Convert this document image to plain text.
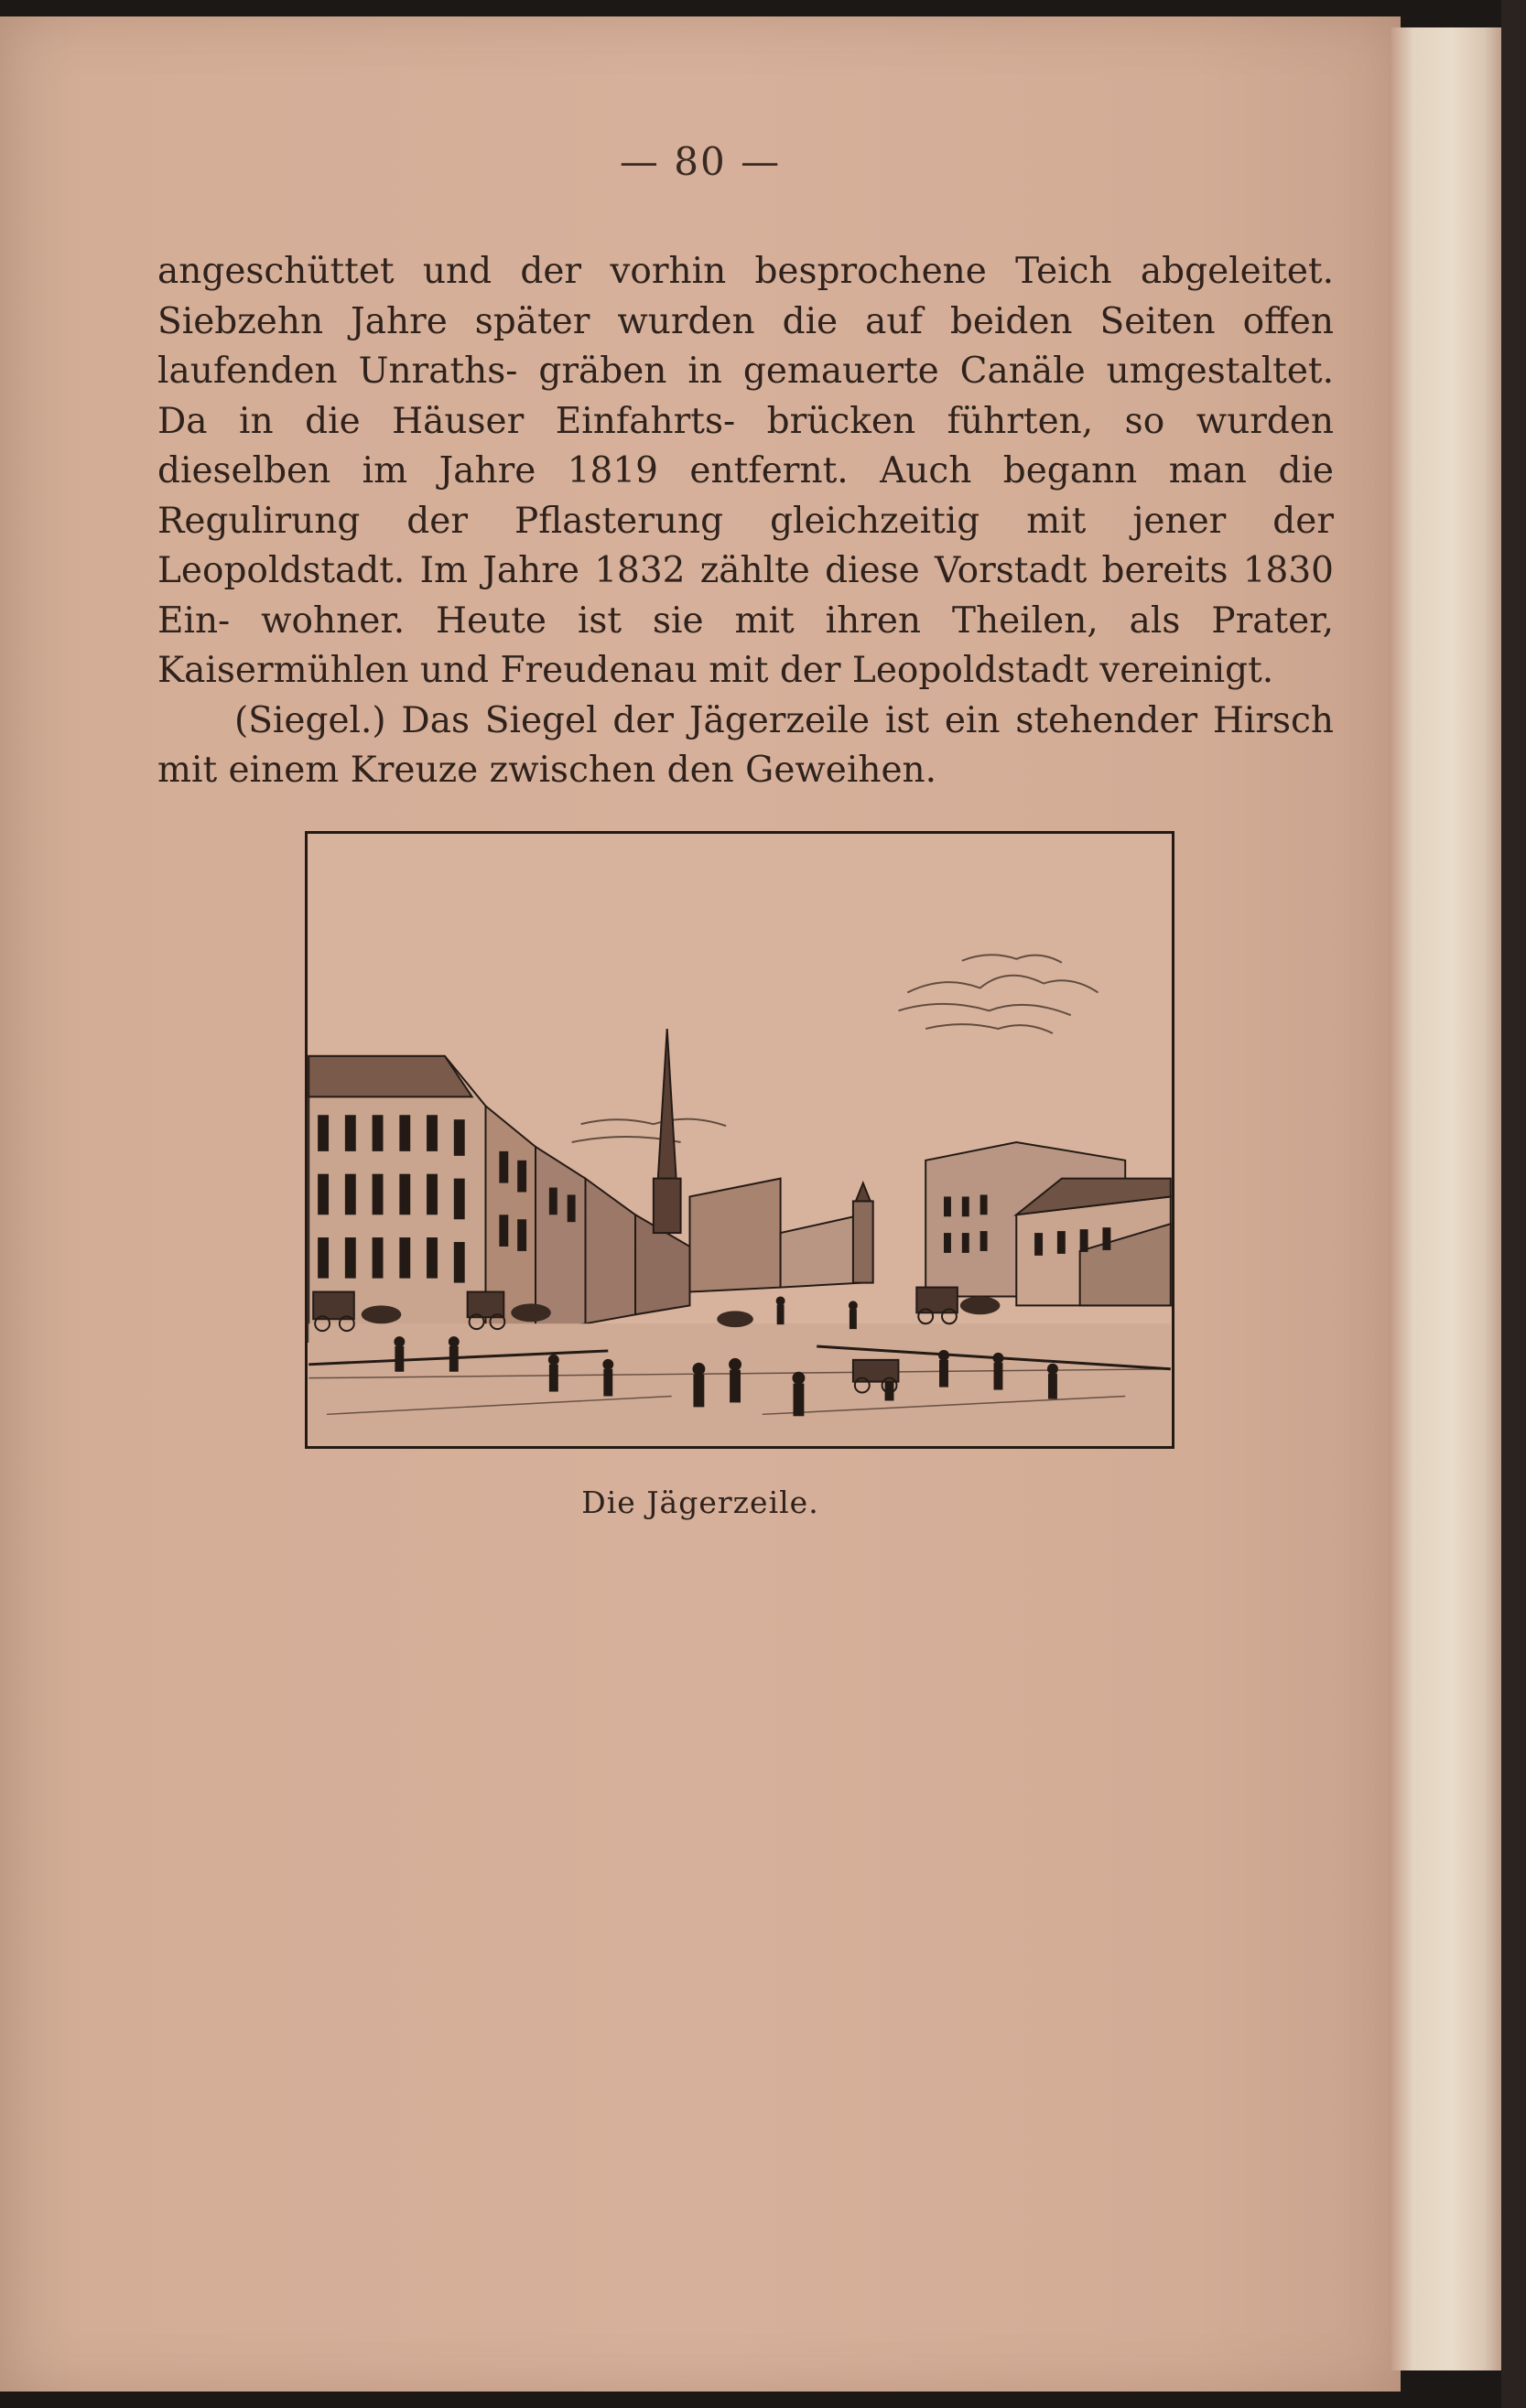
— 80 —

angeschüttet und der vorhin besprochene Teich abgeleitet. Siebzehn Jahre später wurden die auf beiden Seiten offen laufenden Unraths- gräben in gemauerte Canäle umgestaltet. Da in die Häuser Einfahrts- brücken führten, so wurden dieselben im Jahre 1819 entfernt. Auch begann man die Regulirung der Pflasterung gleichzeitig mit jener der Leopoldstadt. Im Jahre 1832 zählte diese Vorstadt bereits 1830 Ein- wohner. Heute ist sie mit ihren Theilen, als Prater, Kaisermühlen und Freudenau mit der Leopoldstadt vereinigt.

(Siegel.) Das Siegel der Jägerzeile ist ein stehender Hirsch mit einem Kreuze zwischen den Geweihen.

Die Jägerzeile.
